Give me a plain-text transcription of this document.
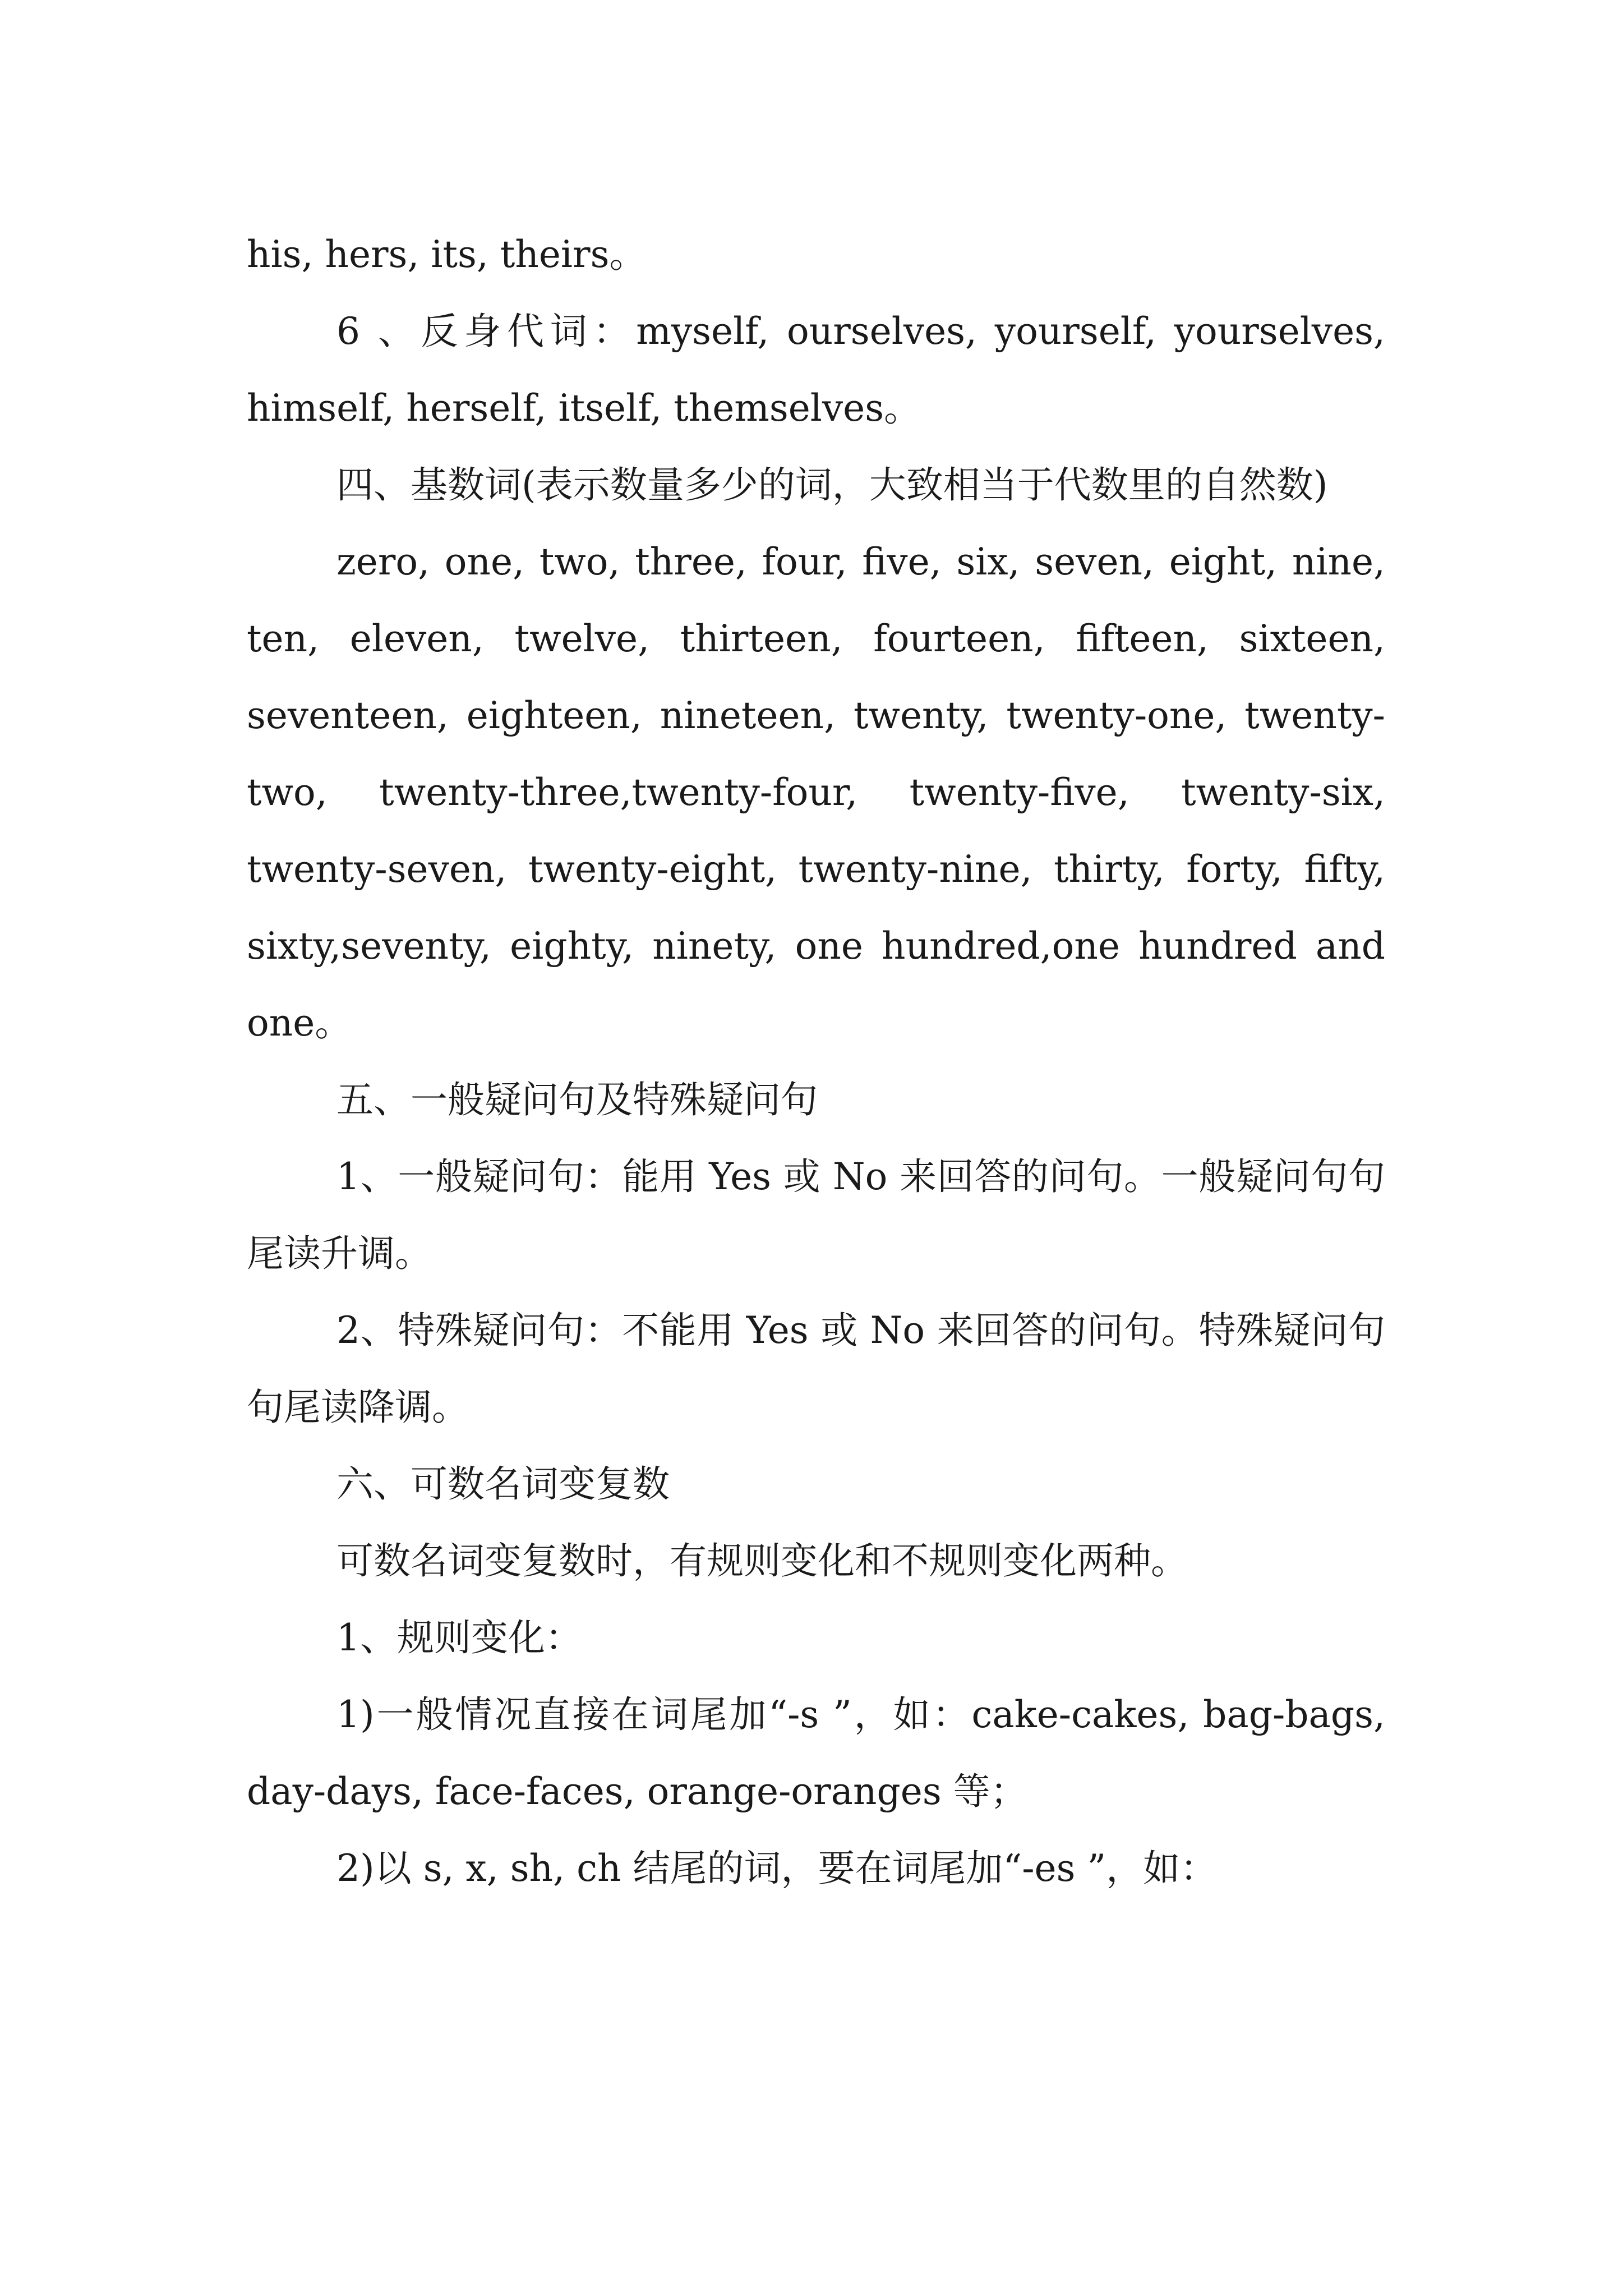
his, hers, its, theirs。

6 、反身代词：myself, ourselves, yourself, yourselves, himself, herself, itself, themselves。

四、基数词(表示数量多少的词，大致相当于代数里的自然数)

zero, one, two, three, four, five, six, seven, eight, nine, ten, eleven, twelve, thirteen, fourteen, fifteen, sixteen, seventeen, eighteen, nineteen, twenty, twenty-one, twenty-two, twenty-three,twenty-four, twenty-five, twenty-six, twenty-seven, twenty-eight, twenty-nine, thirty, forty, fifty, sixty,seventy, eighty, ninety, one hundred,one hundred and one。

五、一般疑问句及特殊疑问句

1、一般疑问句：能用 Yes 或 No 来回答的问句。一般疑问句句尾读升调。

2、特殊疑问句：不能用 Yes 或 No 来回答的问句。特殊疑问句句尾读降调。

六、可数名词变复数

可数名词变复数时，有规则变化和不规则变化两种。

1、规则变化：

1)一般情况直接在词尾加“-s ”，如：cake-cakes, bag-bags, day-days, face-faces, orange-oranges 等；

2)以 s, x, sh, ch 结尾的词，要在词尾加“-es ”，如：
